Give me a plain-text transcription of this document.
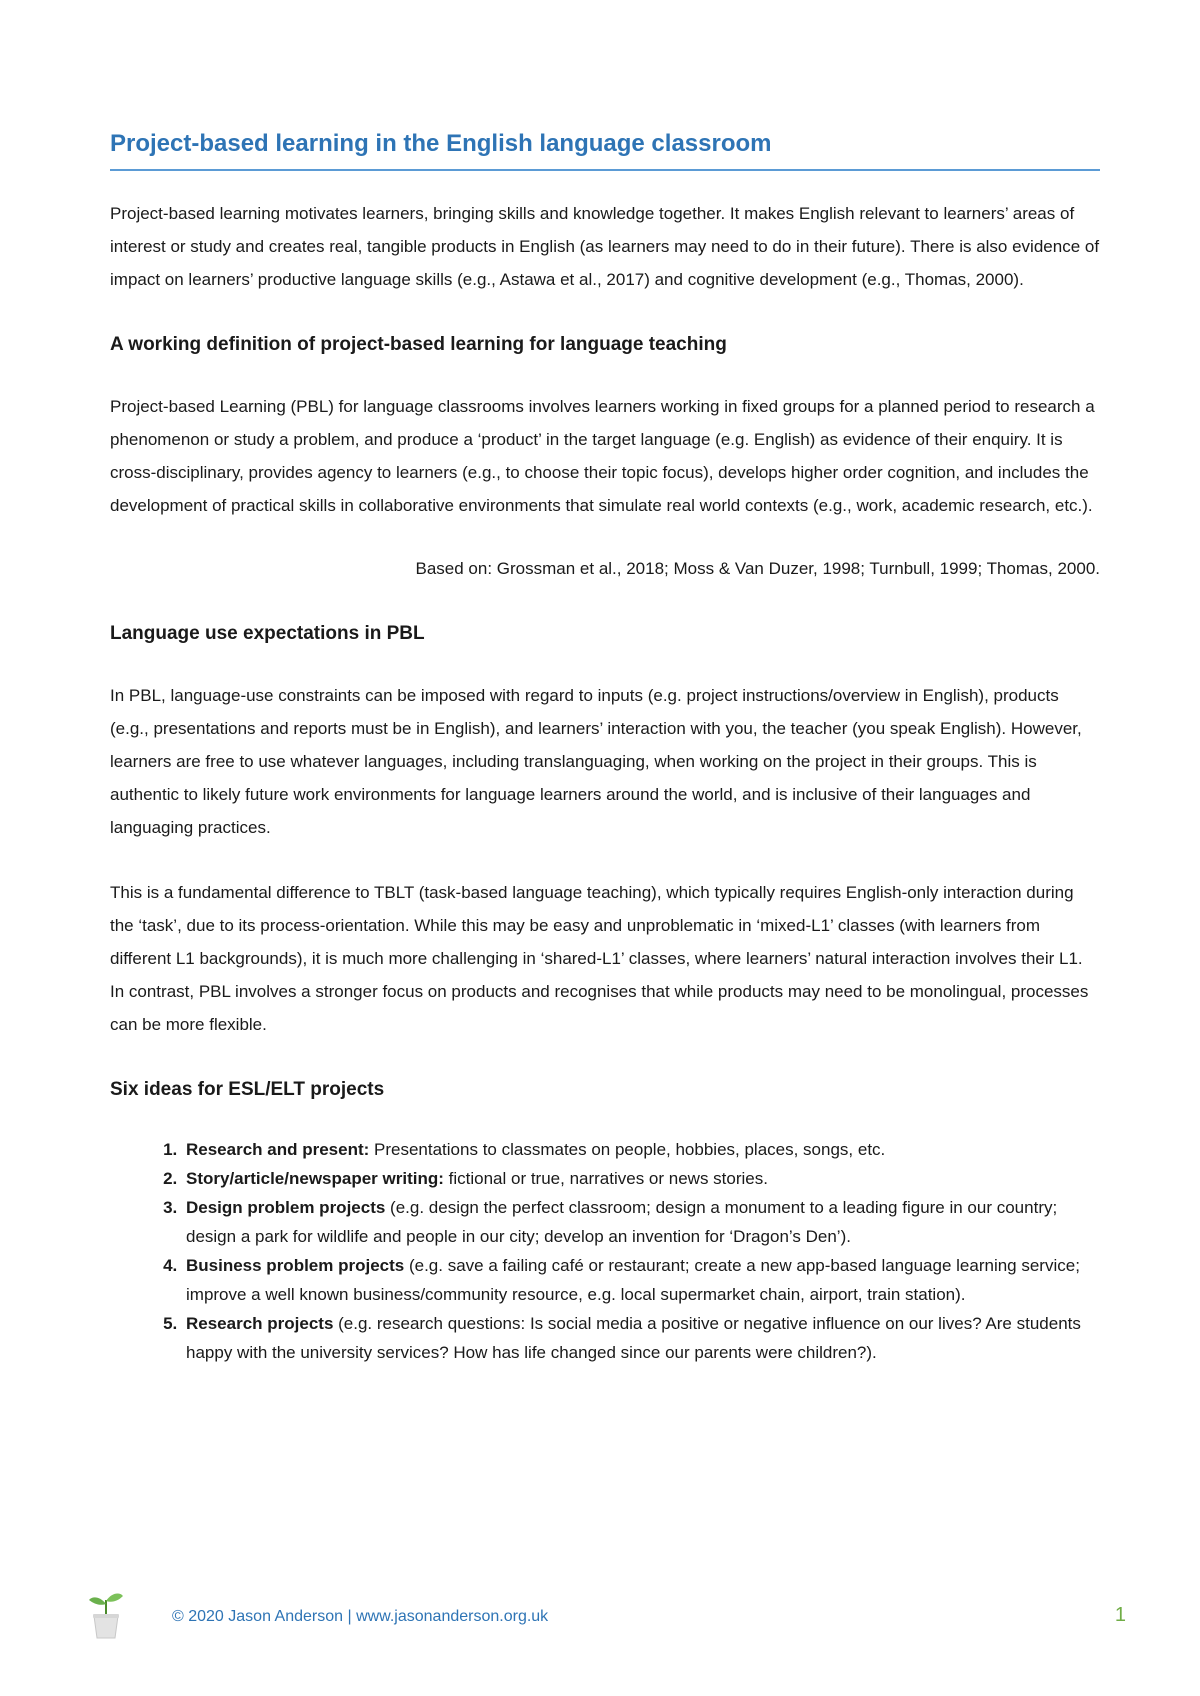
Project-based learning in the English language classroom

Project-based learning motivates learners, bringing skills and knowledge together. It makes English relevant to learners’ areas of interest or study and creates real, tangible products in English (as learners may need to do in their future). There is also evidence of impact on learners’ productive language skills (e.g., Astawa et al., 2017) and cognitive development (e.g., Thomas, 2000).

A working definition of project-based learning for language teaching

Project-based Learning (PBL) for language classrooms involves learners working in fixed groups for a planned period to research a phenomenon or study a problem, and produce a ‘product’ in the target language (e.g. English) as evidence of their enquiry. It is cross-disciplinary, provides agency to learners (e.g., to choose their topic focus), develops higher order cognition, and includes the development of practical skills in collaborative environments that simulate real world contexts (e.g., work, academic research, etc.).

Based on: Grossman et al., 2018; Moss & Van Duzer, 1998; Turnbull, 1999; Thomas, 2000.

Language use expectations in PBL

In PBL, language-use constraints can be imposed with regard to inputs (e.g. project instructions/overview in English), products (e.g., presentations and reports must be in English), and learners’ interaction with you, the teacher (you speak English). However, learners are free to use whatever languages, including translanguaging, when working on the project in their groups. This is authentic to likely future work environments for language learners around the world, and is inclusive of their languages and languaging practices.

This is a fundamental difference to TBLT (task-based language teaching), which typically requires English-only interaction during the ‘task’, due to its process-orientation. While this may be easy and unproblematic in ‘mixed-L1’ classes (with learners from different L1 backgrounds), it is much more challenging in ‘shared-L1’ classes, where learners’ natural interaction involves their L1. In contrast, PBL involves a stronger focus on products and recognises that while products may need to be monolingual, processes can be more flexible.

Six ideas for ESL/ELT projects
1. Research and present: Presentations to classmates on people, hobbies, places, songs, etc.
2. Story/article/newspaper writing: fictional or true, narratives or news stories.
3. Design problem projects (e.g. design the perfect classroom; design a monument to a leading figure in our country; design a park for wildlife and people in our city; develop an invention for ‘Dragon’s Den’).
4. Business problem projects (e.g. save a failing café or restaurant; create a new app-based language learning service; improve a well known business/community resource, e.g. local supermarket chain, airport, train station).
5. Research projects (e.g. research questions: Is social media a positive or negative influence on our lives? Are students happy with the university services? How has life changed since our parents were children?).
© 2020 Jason Anderson | www.jasonanderson.org.uk	1
